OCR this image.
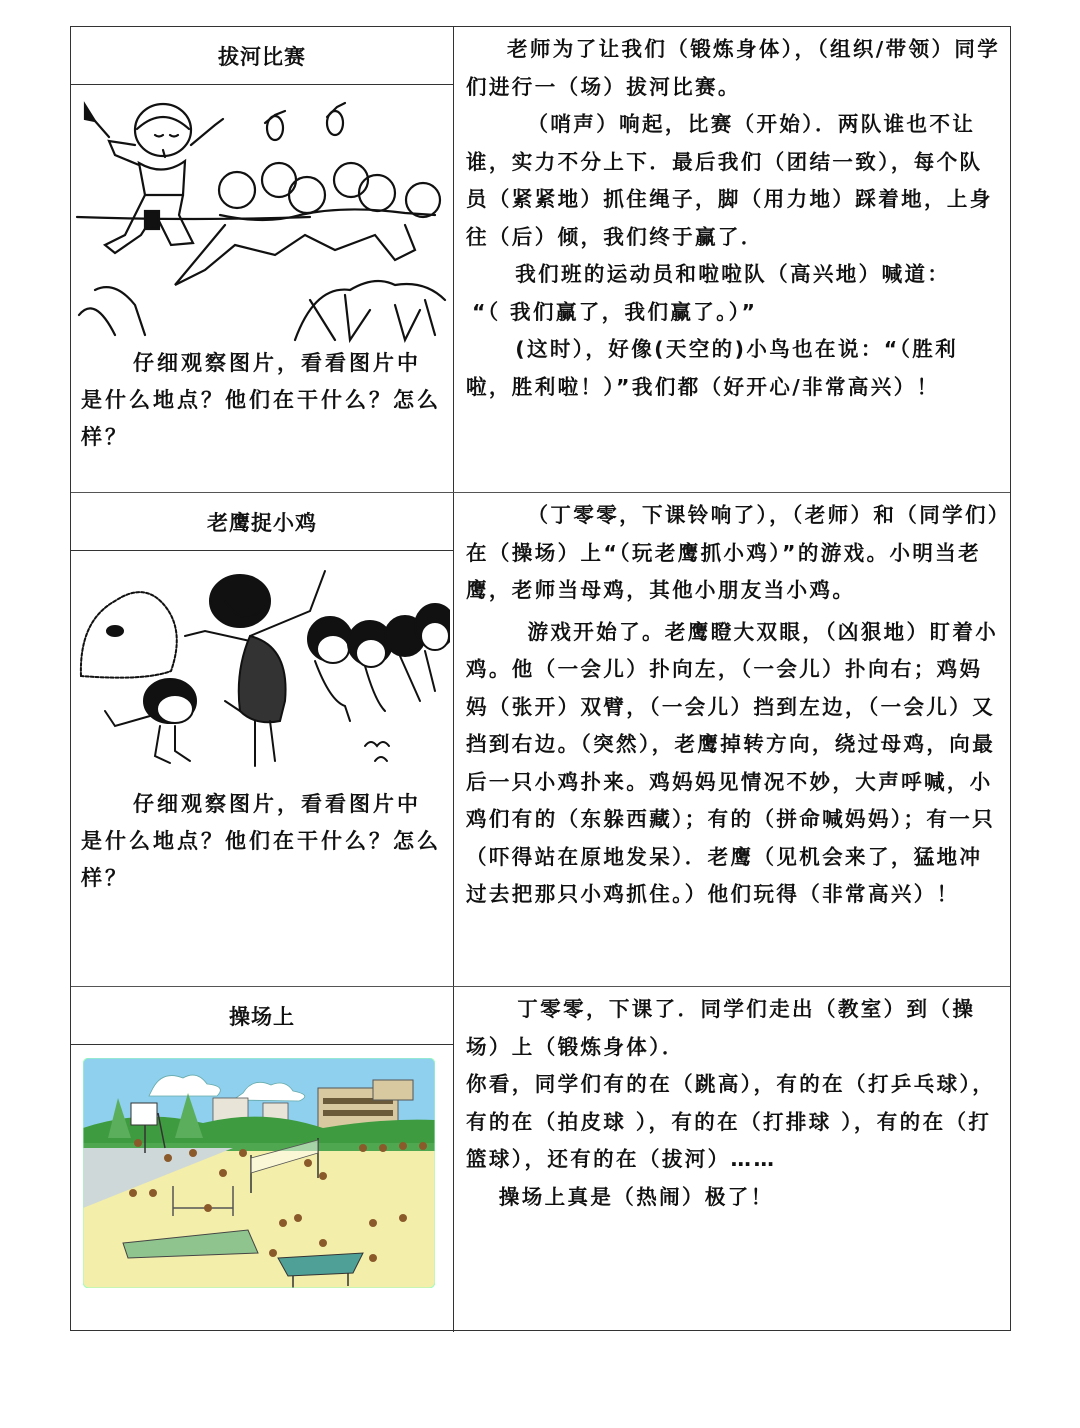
拔河比赛
仔细观察图片，看看图片中是什么地点？他们在干什么？怎么样？

老师为了让我们（锻炼身体），（组织/带领）同学们进行一（场）拔河比赛。

（哨声）响起，比赛（开始）．两队谁也不让谁，实力不分上下．最后我们（团结一致），每个队员（紧紧地）抓住绳子，脚（用力地）踩着地，上身往（后）倾，我们终于赢了．

我们班的运动员和啦啦队（高兴地）喊道：

“（ 我们赢了，我们赢了。）”

(这时），好像(天空的)小鸟也在说：“（胜利啦，胜利啦！）”我们都（好开心/非常高兴）！

老鹰捉小鸡
仔细观察图片，看看图片中是什么地点？他们在干什么？怎么样？

（丁零零，下课铃响了），（老师）和（同学们）在（操场）上“（玩老鹰抓小鸡）”的游戏。小明当老鹰，老师当母鸡，其他小朋友当小鸡。

游戏开始了。老鹰瞪大双眼，（凶狠地）盯着小鸡。他（一会儿）扑向左，（一会儿）扑向右；鸡妈妈（张开）双臂，（一会儿）挡到左边，（一会儿）又挡到右边。（突然），老鹰掉转方向，绕过母鸡，向最后一只小鸡扑来。鸡妈妈见情况不妙，大声呼喊，小鸡们有的（东躲西藏）；有的（拼命喊妈妈）；有一只（吓得站在原地发呆）．老鹰（见机会来了，猛地冲过去把那只小鸡抓住。）他们玩得（非常高兴）！

操场上	丁零零，下课了．同学们走出（教室）到（操场）上（锻炼身体）．

你看，同学们有的在（跳高），有的在（打乒乓球），有的在（拍皮球 ），有的在（打排球 ），有的在（打篮球），还有的在（拔河）……

操场上真是（热闹）极了！
